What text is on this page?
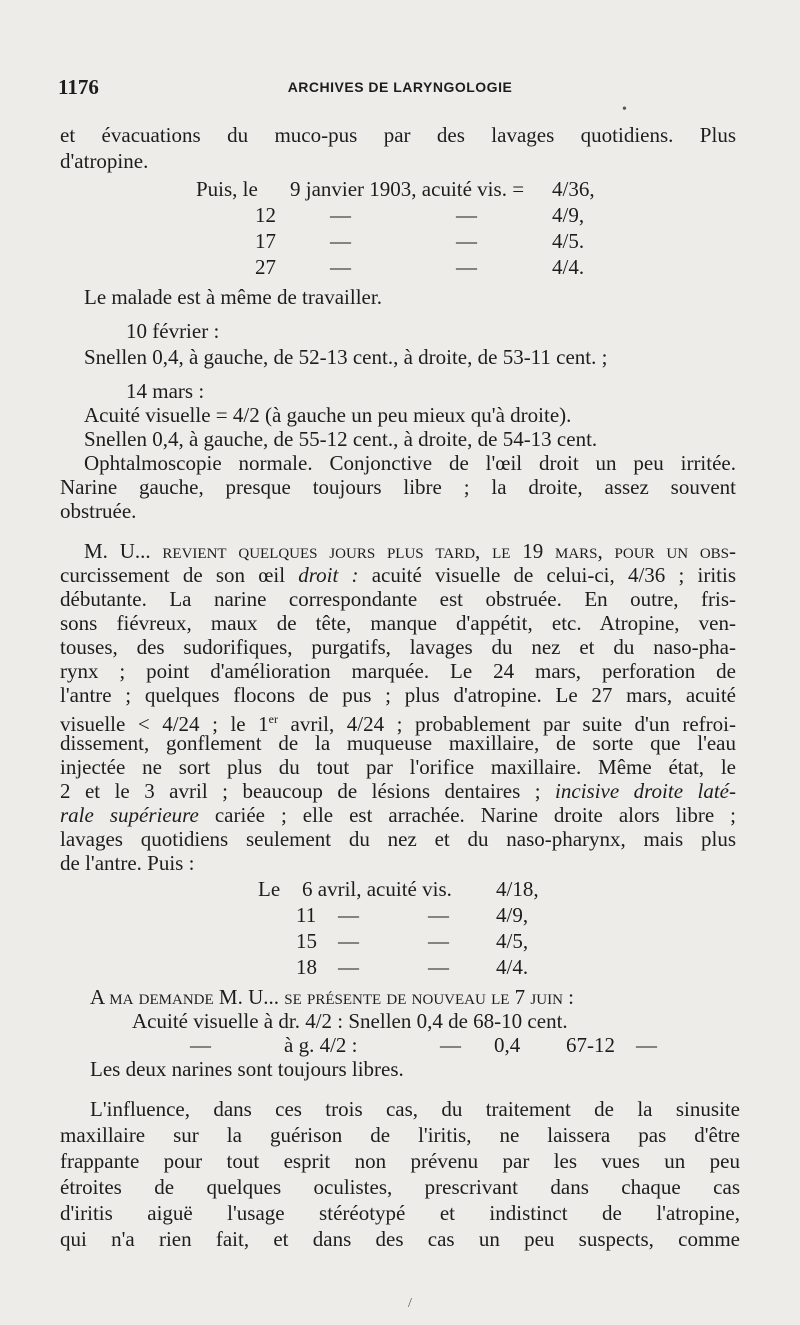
1176	ARCHIVES DE LARYNGOLOGIE
et évacuations du muco-pus par des lavages quotidiens. Plus
d'atropine.
Puis, le 9 janvier 1903, acuité vis. = 4/36,
12	—	—	4/9,
17	—	—	4/5.
27	—	—	4/4.
Le malade est à même de travailler.
10 février :
Snellen 0,4, à gauche, de 52-13 cent., à droite, de 53-11 cent. ;
14 mars :
Acuité visuelle = 4/2 (à gauche un peu mieux qu'à droite).
Snellen 0,4, à gauche, de 55-12 cent., à droite, de 54-13 cent.
Ophtalmoscopie normale. Conjonctive de l'œil droit un peu irritée.
Narine gauche, presque toujours libre ; la droite, assez souvent
obstruée.
M. U... revient quelques jours plus tard, le 19 mars, pour un obs-
curcissement de son œil droit : acuité visuelle de celui-ci, 4/36 ; iritis
débutante. La narine correspondante est obstruée. En outre, fris-
sons fiévreux, maux de tête, manque d'appétit, etc. Atropine, ven-
touses, des sudorifiques, purgatifs, lavages du nez et du naso-pha-
rynx ; point d'amélioration marquée. Le 24 mars, perforation de
l'antre ; quelques flocons de pus ; plus d'atropine. Le 27 mars, acuité
visuelle < 4/24 ; le 1er avril, 4/24 ; probablement par suite d'un refroi-
dissement, gonflement de la muqueuse maxillaire, de sorte que l'eau
injectée ne sort plus du tout par l'orifice maxillaire. Même état, le
2 et le 3 avril ; beaucoup de lésions dentaires ; incisive droite laté-
rale supérieure cariée ; elle est arrachée. Narine droite alors libre ;
lavages quotidiens seulement du nez et du naso-pharynx, mais plus
de l'antre. Puis :
Le 6 avril, acuité vis. 4/18,
11 —	— 4/9,
15 —	— 4/5,
18 —	— 4/4.
A ma demande M. U... se présente de nouveau le 7 juin :
Acuité visuelle à dr. 4/2 : Snellen 0,4 de 68-10 cent.
—	à g. 4/2 :	— 0,4 67-12 —
Les deux narines sont toujours libres.
L'influence, dans ces trois cas, du traitement de la sinusite
maxillaire sur la guérison de l'iritis, ne laissera pas d'être
frappante pour tout esprit non prévenu par les vues un peu
étroites de quelques oculistes, prescrivant dans chaque cas
d'iritis aiguë l'usage stéréotypé et indistinct de l'atropine,
qui n'a rien fait, et dans des cas un peu suspects, comme
•
/
